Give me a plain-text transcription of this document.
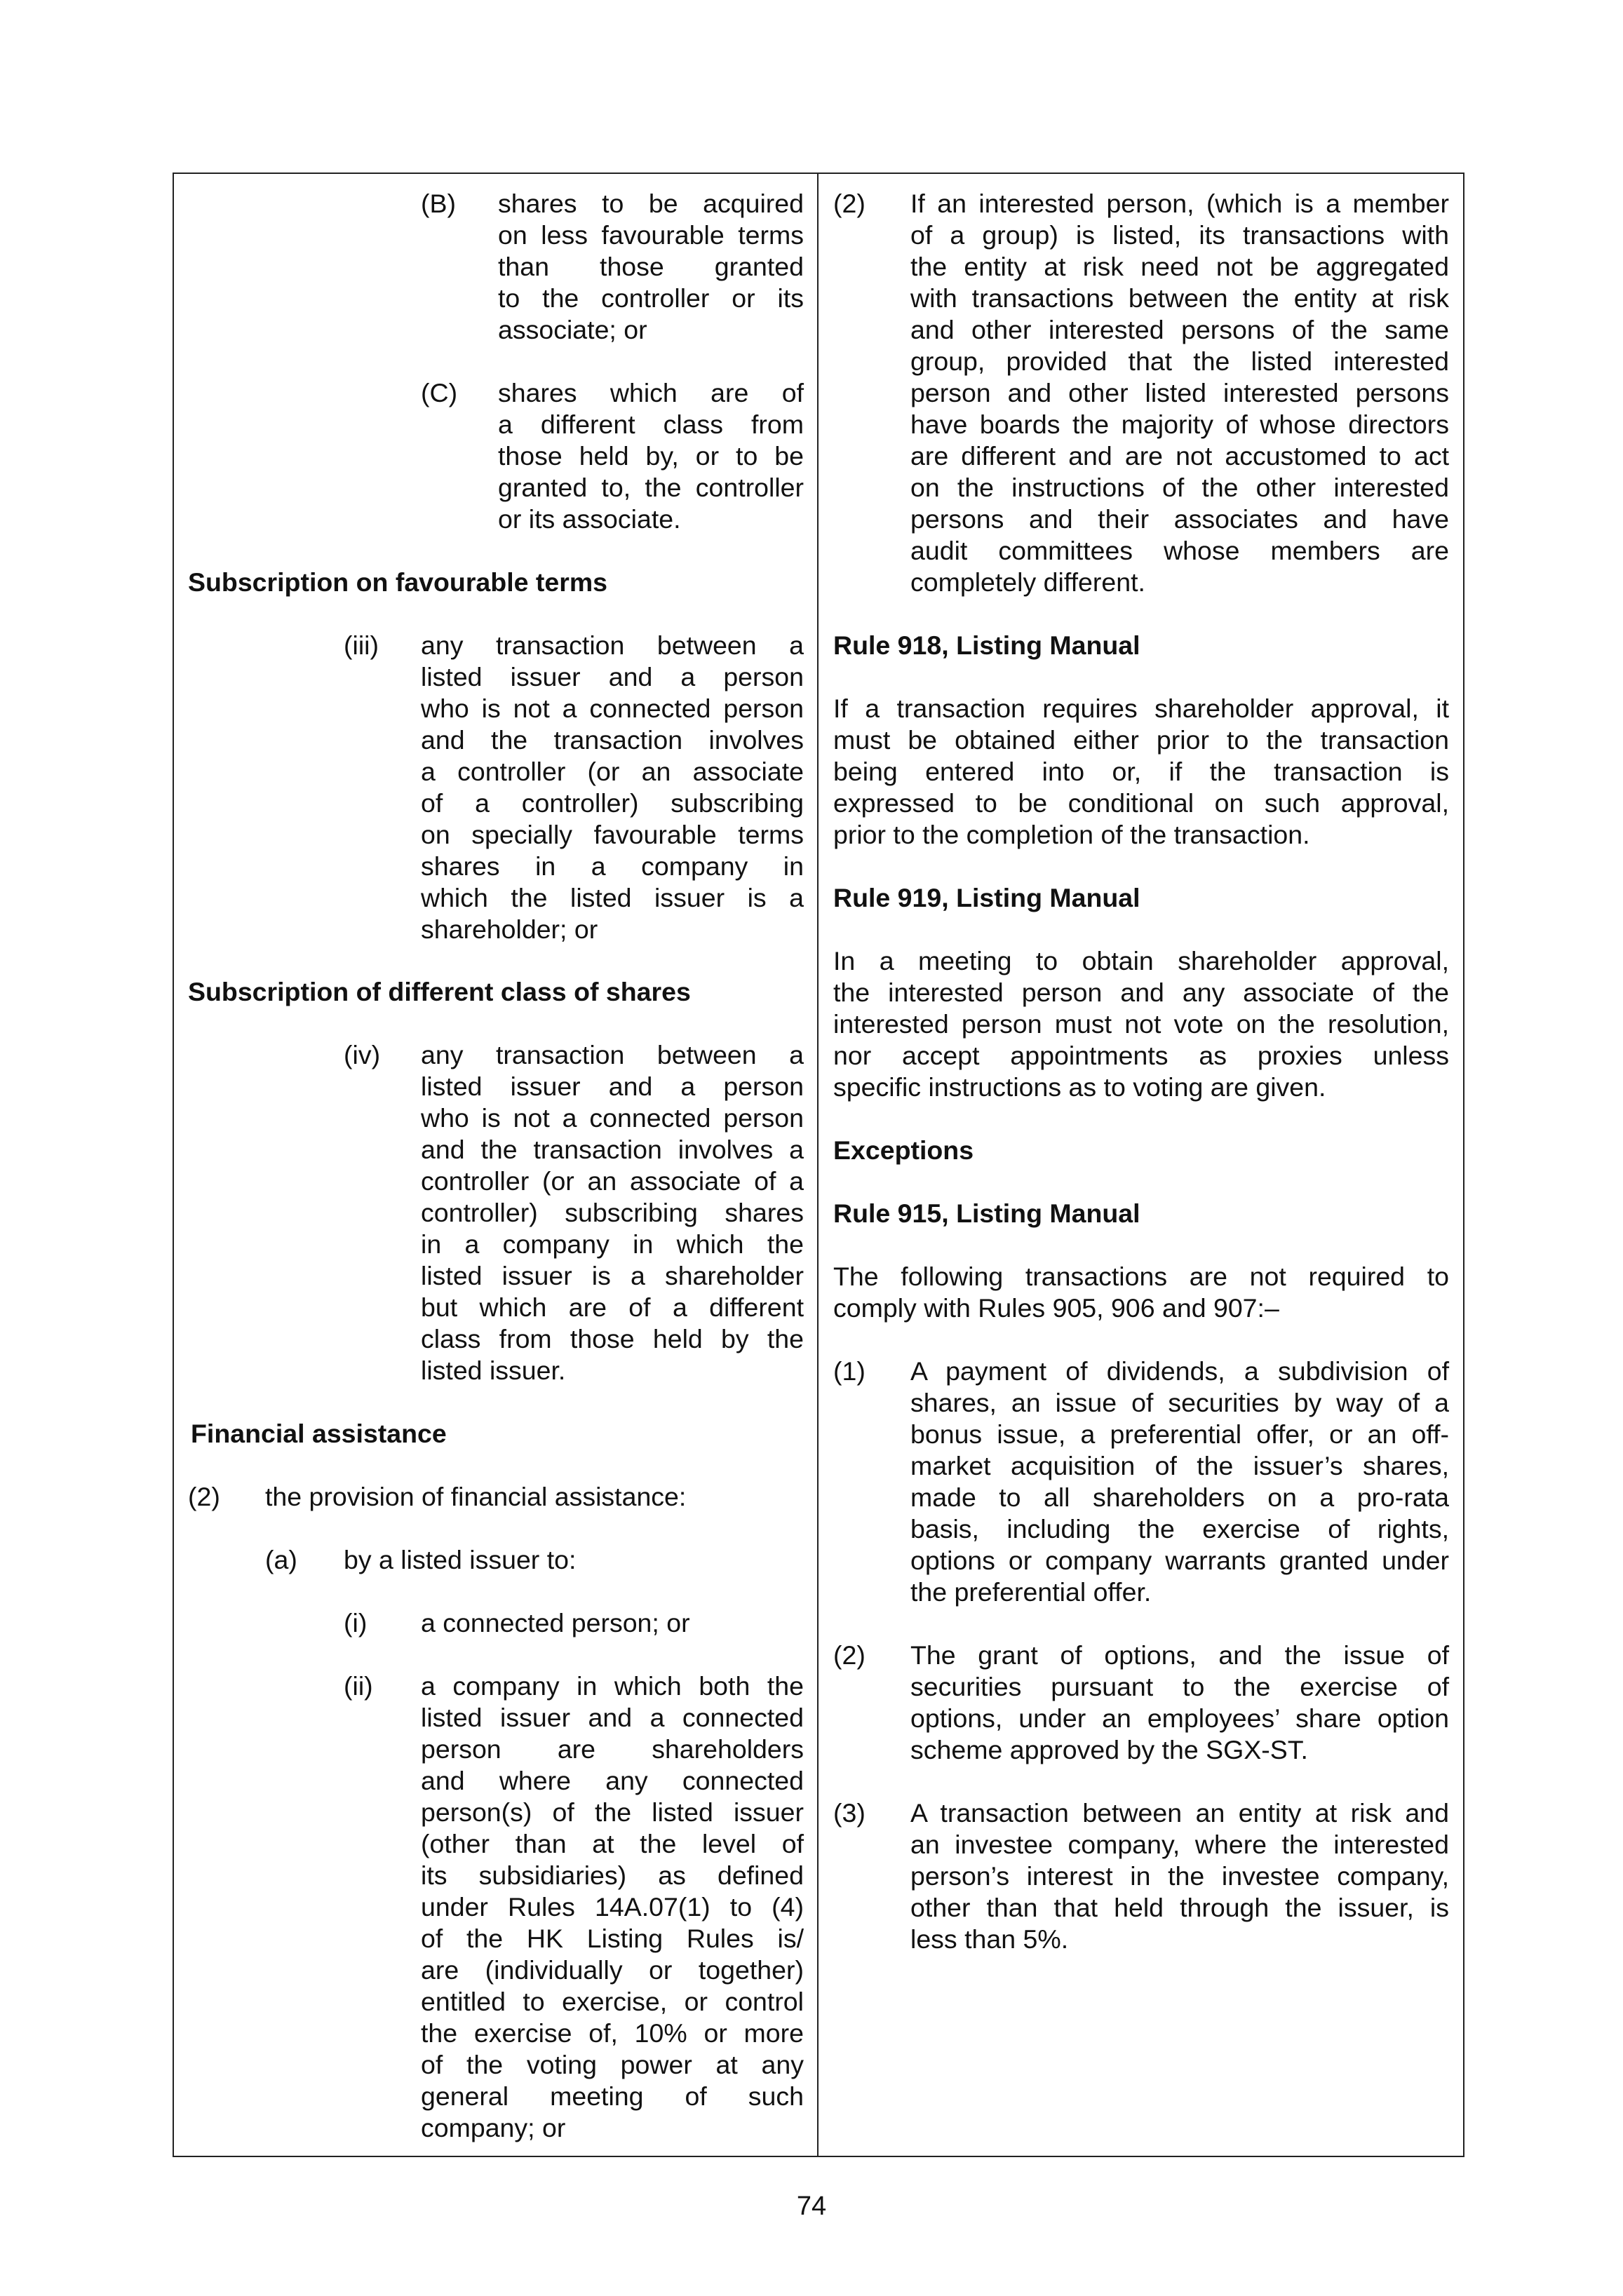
(B) shares to be acquired
on less favourable terms
than those granted
to the controller or its
associate; or
(C) shares which are of
a different class from
those held by, or to be
granted to, the controller
or its associate.
Subscription on favourable terms
(iii) any transaction between a
listed issuer and a person
who is not a connected person
and the transaction involves
a controller (or an associate
of a controller) subscribing
on specially favourable terms
shares in a company in
which the listed issuer is a
shareholder; or
Subscription of different class of shares
(iv) any transaction between a
listed issuer and a person
who is not a connected person
and the transaction involves a
controller (or an associate of a
controller) subscribing shares
in a company in which the
listed issuer is a shareholder
but which are of a different
class from those held by the
listed issuer.
Financial assistance
(2) the provision of financial assistance:
(a) by a listed issuer to:
(i) a connected person; or
(ii) a company in which both the
listed issuer and a connected
person are shareholders
and where any connected
person(s) of the listed issuer
(other than at the level of
its subsidiaries) as defined
under Rules 14A.07(1) to (4)
of the HK Listing Rules is/
are (individually or together)
entitled to exercise, or control
the exercise of, 10% or more
of the voting power at any
general meeting of such
company; or
(2) If an interested person, (which is a member
of a group) is listed, its transactions with
the entity at risk need not be aggregated
with transactions between the entity at risk
and other interested persons of the same
group, provided that the listed interested
person and other listed interested persons
have boards the majority of whose directors
are different and are not accustomed to act
on the instructions of the other interested
persons and their associates and have
audit committees whose members are
completely different.
Rule 918, Listing Manual
If a transaction requires shareholder approval, it
must be obtained either prior to the transaction
being entered into or, if the transaction is
expressed to be conditional on such approval,
prior to the completion of the transaction.
Rule 919, Listing Manual
In a meeting to obtain shareholder approval,
the interested person and any associate of the
interested person must not vote on the resolution,
nor accept appointments as proxies unless
specific instructions as to voting are given.
Exceptions
Rule 915, Listing Manual
The following transactions are not required to
comply with Rules 905, 906 and 907:–
(1) A payment of dividends, a subdivision of
shares, an issue of securities by way of a
bonus issue, a preferential offer, or an off-
market acquisition of the issuer’s shares,
made to all shareholders on a pro-rata
basis, including the exercise of rights,
options or company warrants granted under
the preferential offer.
(2) The grant of options, and the issue of
securities pursuant to the exercise of
options, under an employees’ share option
scheme approved by the SGX-ST.
(3) A transaction between an entity at risk and
an investee company, where the interested
person’s interest in the investee company,
other than that held through the issuer, is
less than 5%.
74
